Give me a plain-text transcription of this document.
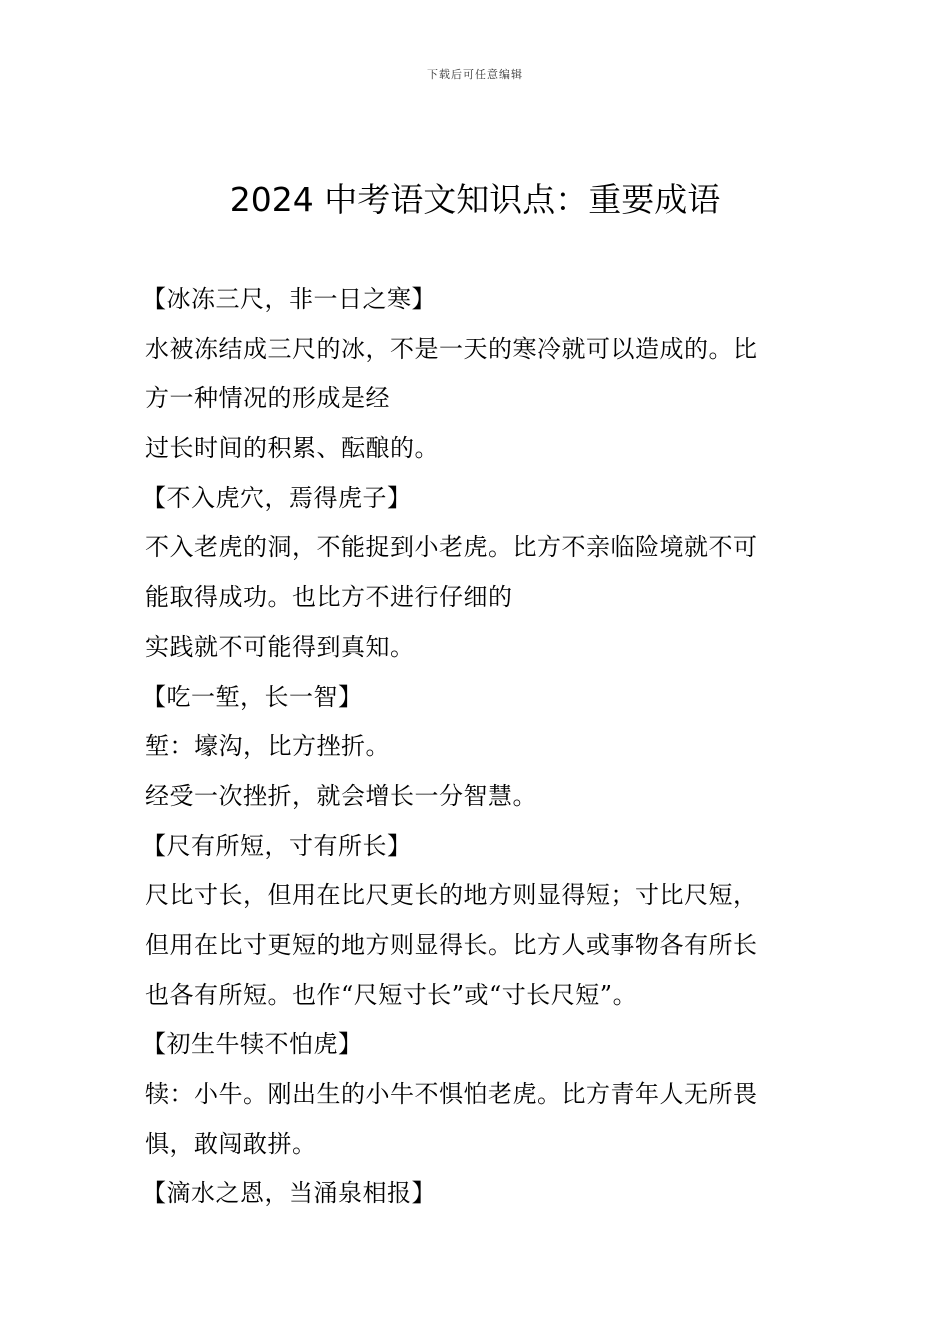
下载后可任意编辑
2024 中考语文知识点：重要成语
【冰冻三尺，非一日之寒】
水被冻结成三尺的冰，不是一天的寒冷就可以造成的。比
方一种情况的形成是经
过长时间的积累、酝酿的。
【不入虎穴，焉得虎子】
不入老虎的洞，不能捉到小老虎。比方不亲临险境就不可
能取得成功。也比方不进行仔细的
实践就不可能得到真知。
【吃一堑，长一智】
堑：壕沟，比方挫折。
经受一次挫折，就会增长一分智慧。
【尺有所短，寸有所长】
尺比寸长，但用在比尺更长的地方则显得短；寸比尺短，
但用在比寸更短的地方则显得长。比方人或事物各有所长
也各有所短。也作“尺短寸长”或“寸长尺短”。
【初生牛犊不怕虎】
犊：小牛。刚出生的小牛不惧怕老虎。比方青年人无所畏
惧，敢闯敢拼。
【滴水之恩，当涌泉相报】
